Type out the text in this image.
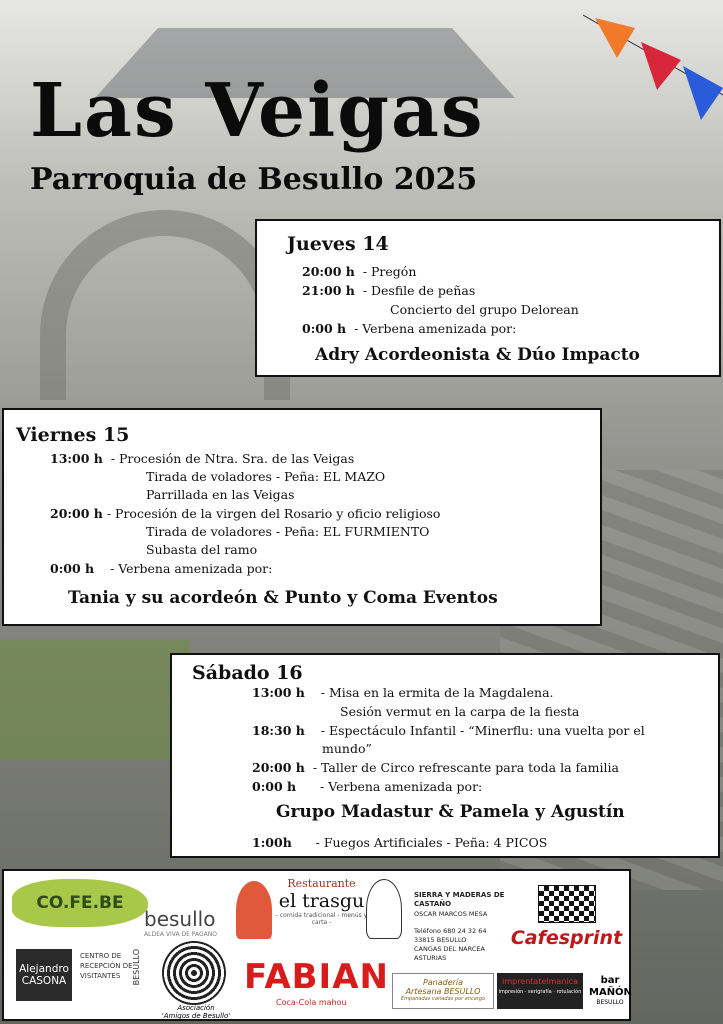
Las Veigas
Parroquia de Besullo 2025
Jueves 14
20:00 h - Pregón
21:00 h - Desfile de peñas
Concierto del grupo Delorean
0:00 h - Verbena amenizada por:
Adry Acordeonista & Dúo Impacto
Viernes 15
13:00 h - Procesión de Ntra. Sra. de las Veigas
Tirada de voladores - Peña: EL MAZO
Parrillada en las Veigas
20:00 h - Procesión de la virgen del Rosario y oficio religioso
Tirada de voladores - Peña: EL FURMIENTO
Subasta del ramo
0:00 h - Verbena amenizada por:
Tania y su acordeón & Punto y Coma Eventos
Sábado 16
13:00 h - Misa en la ermita de la Magdalena.
Sesión vermut en la carpa de la fiesta
18:30 h - Espectáculo Infantil - “Minerflu: una vuelta por el
mundo”
20:00 h - Taller de Circo refrescante para toda la familia
0:00 h - Verbena amenizada por:
Grupo Madastur & Pamela y Agustín
1:00h - Fuegos Artificiales - Peña: 4 PICOS
CO.FE.BE
besullo
ALDEA VIVA DE PAGANO
Restaurante
el trasgu
- comida tradicional - menús y carta -
SIERRA Y MADERAS DE CASTAÑO
OSCAR MARCOS MESA

Teléfono 680 24 32 64
33815 BESULLO
CANGAS DEL NARCEA
ASTURIAS
Cafesprint
Alejandro
CASONA
CENTRO DE RECEPCIÓN DE VISITANTES	BESULLO
Asociación
'Amigos de Besullo'
FABIAN
Coca-Cola mahou
Panadería
Artesana BESULLO
Empanadas variadas por encargo
imprentatelmanica
impresión · serigrafía · rotulación
bar
MAÑÓN
BESULLO
